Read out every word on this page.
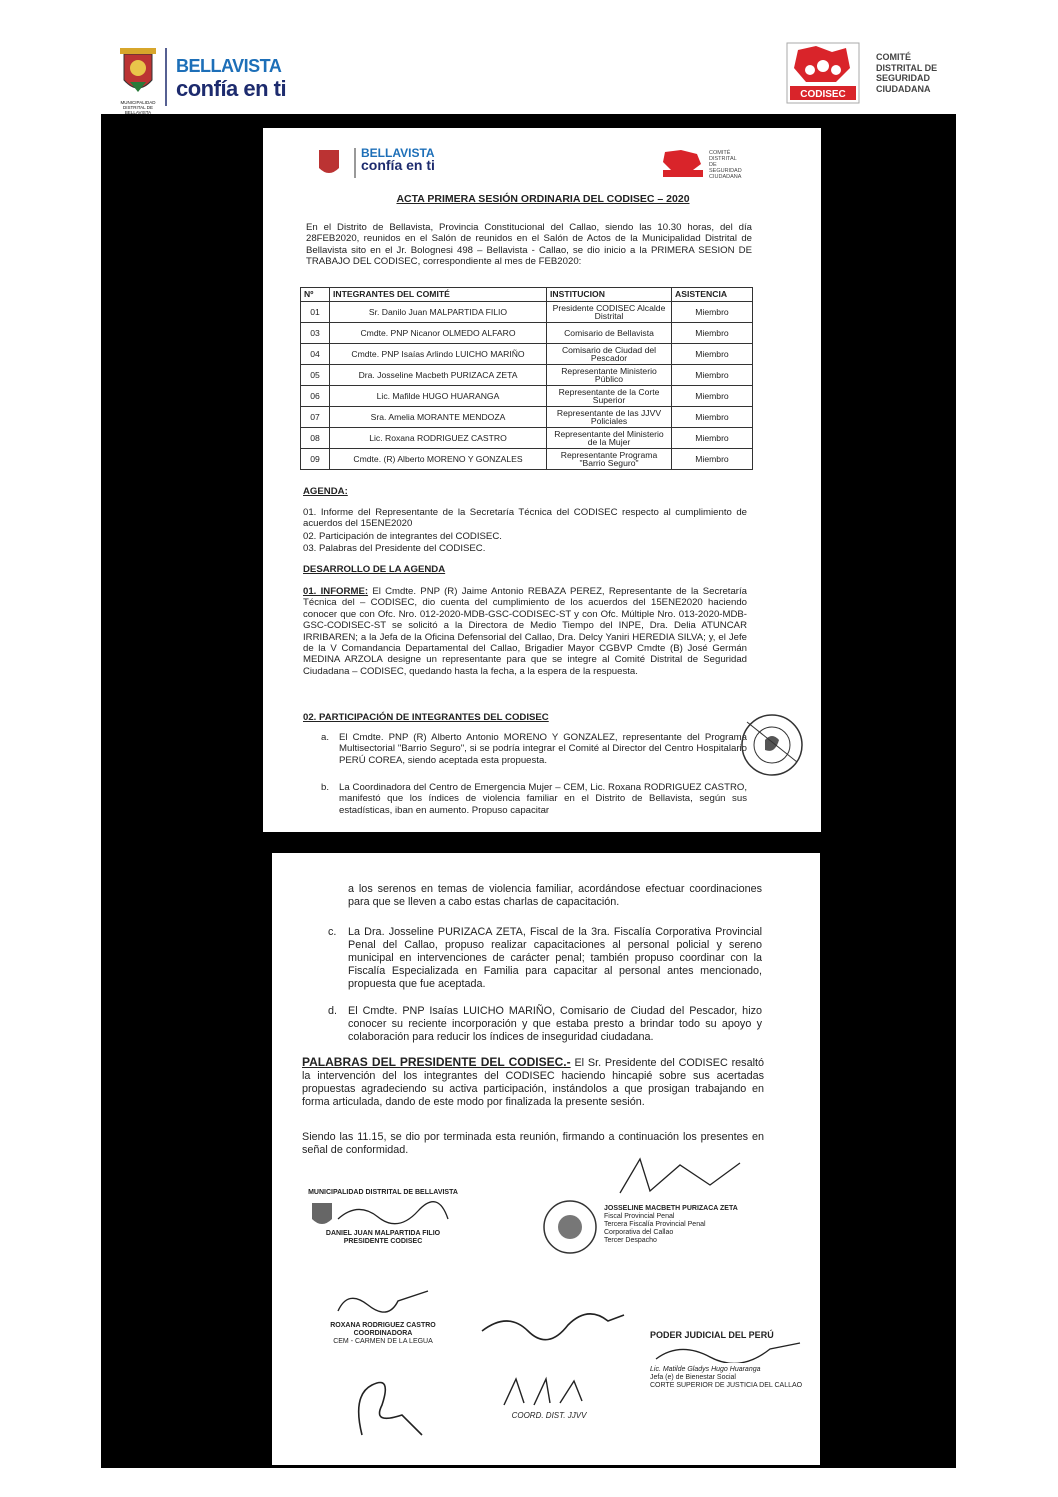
MUNICIPALIDAD DISTRITAL DE BELLAVISTA
BELLAVISTA
confía en ti	CODISEC
COMITÉ
DISTRITAL DE
SEGURIDAD
CIUDADANA
BELLAVISTA
confía en ti
COMITÉ
DISTRITAL DE
SEGURIDAD
CIUDADANA
ACTA PRIMERA SESIÓN ORDINARIA DEL CODISEC – 2020
En el Distrito de Bellavista, Provincia Constitucional del Callao, siendo las 10.30 horas, del día 28FEB2020, reunidos en el Salón de reunidos en el Salón de Actos de la Municipalidad Distrital de Bellavista sito en el Jr. Bolognesi 498 – Bellavista - Callao, se dio inicio a la PRIMERA SESION DE TRABAJO DEL CODISEC, correspondiente al mes de FEB2020:
Nº	INTEGRANTES DEL COMITÉ	INSTITUCION	ASISTENCIA
01	Sr. Danilo Juan MALPARTIDA FILIO	Presidente CODISEC Alcalde Distrital	Miembro
03	Cmdte. PNP Nicanor OLMEDO ALFARO	Comisario de Bellavista	Miembro
04	Cmdte. PNP Isaías Arlindo LUICHO MARIÑO	Comisario de Ciudad del Pescador	Miembro
05	Dra. Josseline Macbeth PURIZACA ZETA	Representante Ministerio Público	Miembro
06	Lic. Mafilde HUGO HUARANGA	Representante de la Corte Superior	Miembro
07	Sra. Amelia MORANTE MENDOZA	Representante de las JJVV Policiales	Miembro
08	Lic. Roxana RODRIGUEZ CASTRO	Representante del Ministerio de la Mujer	Miembro
09	Cmdte. (R) Alberto MORENO Y GONZALES	Representante Programa "Barrio Seguro"	Miembro
AGENDA:
01. Informe del Representante de la Secretaría Técnica del CODISEC respecto al cumplimiento de acuerdos del 15ENE2020
02. Participación de integrantes del CODISEC.
03. Palabras del Presidente del CODISEC.
DESARROLLO DE LA AGENDA
01. INFORME: El Cmdte. PNP (R) Jaime Antonio REBAZA PEREZ, Representante de la Secretaría Técnica del – CODISEC, dio cuenta del cumplimiento de los acuerdos del 15ENE2020 haciendo conocer que con Ofc. Nro. 012-2020-MDB-GSC-CODISEC-ST y con Ofc. Múltiple Nro. 013-2020-MDB-GSC-CODISEC-ST se solicitó a la Directora de Medio Tiempo del INPE, Dra. Delia ATUNCAR IRRIBAREN; a la Jefa de la Oficina Defensorial del Callao, Dra. Delcy Yaniri HEREDIA SILVA; y, el Jefe de la V Comandancia Departamental del Callao, Brigadier Mayor CGBVP Cmdte (B) José Germán MEDINA ARZOLA designe un representante para que se integre al Comité Distrital de Seguridad Ciudadana – CODISEC, quedando hasta la fecha, a la espera de la respuesta.
02. PARTICIPACIÓN DE INTEGRANTES DEL CODISEC
a.	El Cmdte. PNP (R) Alberto Antonio MORENO Y GONZALEZ, representante del Programa Multisectorial "Barrio Seguro", si se podría integrar el Comité al Director del Centro Hospitalario PERÚ COREA, siendo aceptada esta propuesta.
b.	La Coordinadora del Centro de Emergencia Mujer – CEM, Lic. Roxana RODRIGUEZ CASTRO, manifestó que los índices de violencia familiar en el Distrito de Bellavista, según sus estadísticas, iban en aumento. Propuso capacitar
a los serenos en temas de violencia familiar, acordándose efectuar coordinaciones para que se lleven a cabo estas charlas de capacitación.
c.	La Dra. Josseline PURIZACA ZETA, Fiscal de la 3ra. Fiscalía Corporativa Provincial Penal del Callao, propuso realizar capacitaciones al personal policial y sereno municipal en intervenciones de carácter penal; también propuso coordinar con la Fiscalía Especializada en Familia para capacitar al personal antes mencionado, propuesta que fue aceptada.
d.	El Cmdte. PNP Isaías LUICHO MARIÑO, Comisario de Ciudad del Pescador, hizo conocer su reciente incorporación y que estaba presto a brindar todo su apoyo y colaboración para reducir los índices de inseguridad ciudadana.
PALABRAS DEL PRESIDENTE DEL CODISEC.- El Sr. Presidente del CODISEC resaltó la intervención del los integrantes del CODISEC haciendo hincapié sobre sus acertadas propuestas agradeciendo su activa participación, instándolos a que prosigan trabajando en forma articulada, dando de este modo por finalizada la presente sesión.
Siendo las 11.15, se dio por terminada esta reunión, firmando a continuación los presentes en señal de conformidad.
MUNICIPALIDAD DISTRITAL DE BELLAVISTA
DANIEL JUAN MALPARTIDA FILIO
PRESIDENTE CODISEC
JOSSELINE MACBETH PURIZACA ZETA
Fiscal Provincial Penal
Tercera Fiscalía Provincial Penal
Corporativa del Callao
Tercer Despacho
ROXANA RODRIGUEZ CASTRO
COORDINADORA
CEM - CARMEN DE LA LEGUA
PODER JUDICIAL DEL PERÚ
Lic. Matilde Gladys Hugo Huaranga
Jefa (e) de Bienestar Social
CORTE SUPERIOR DE JUSTICIA DEL CALLAO
COORD. DIST. JJVV
